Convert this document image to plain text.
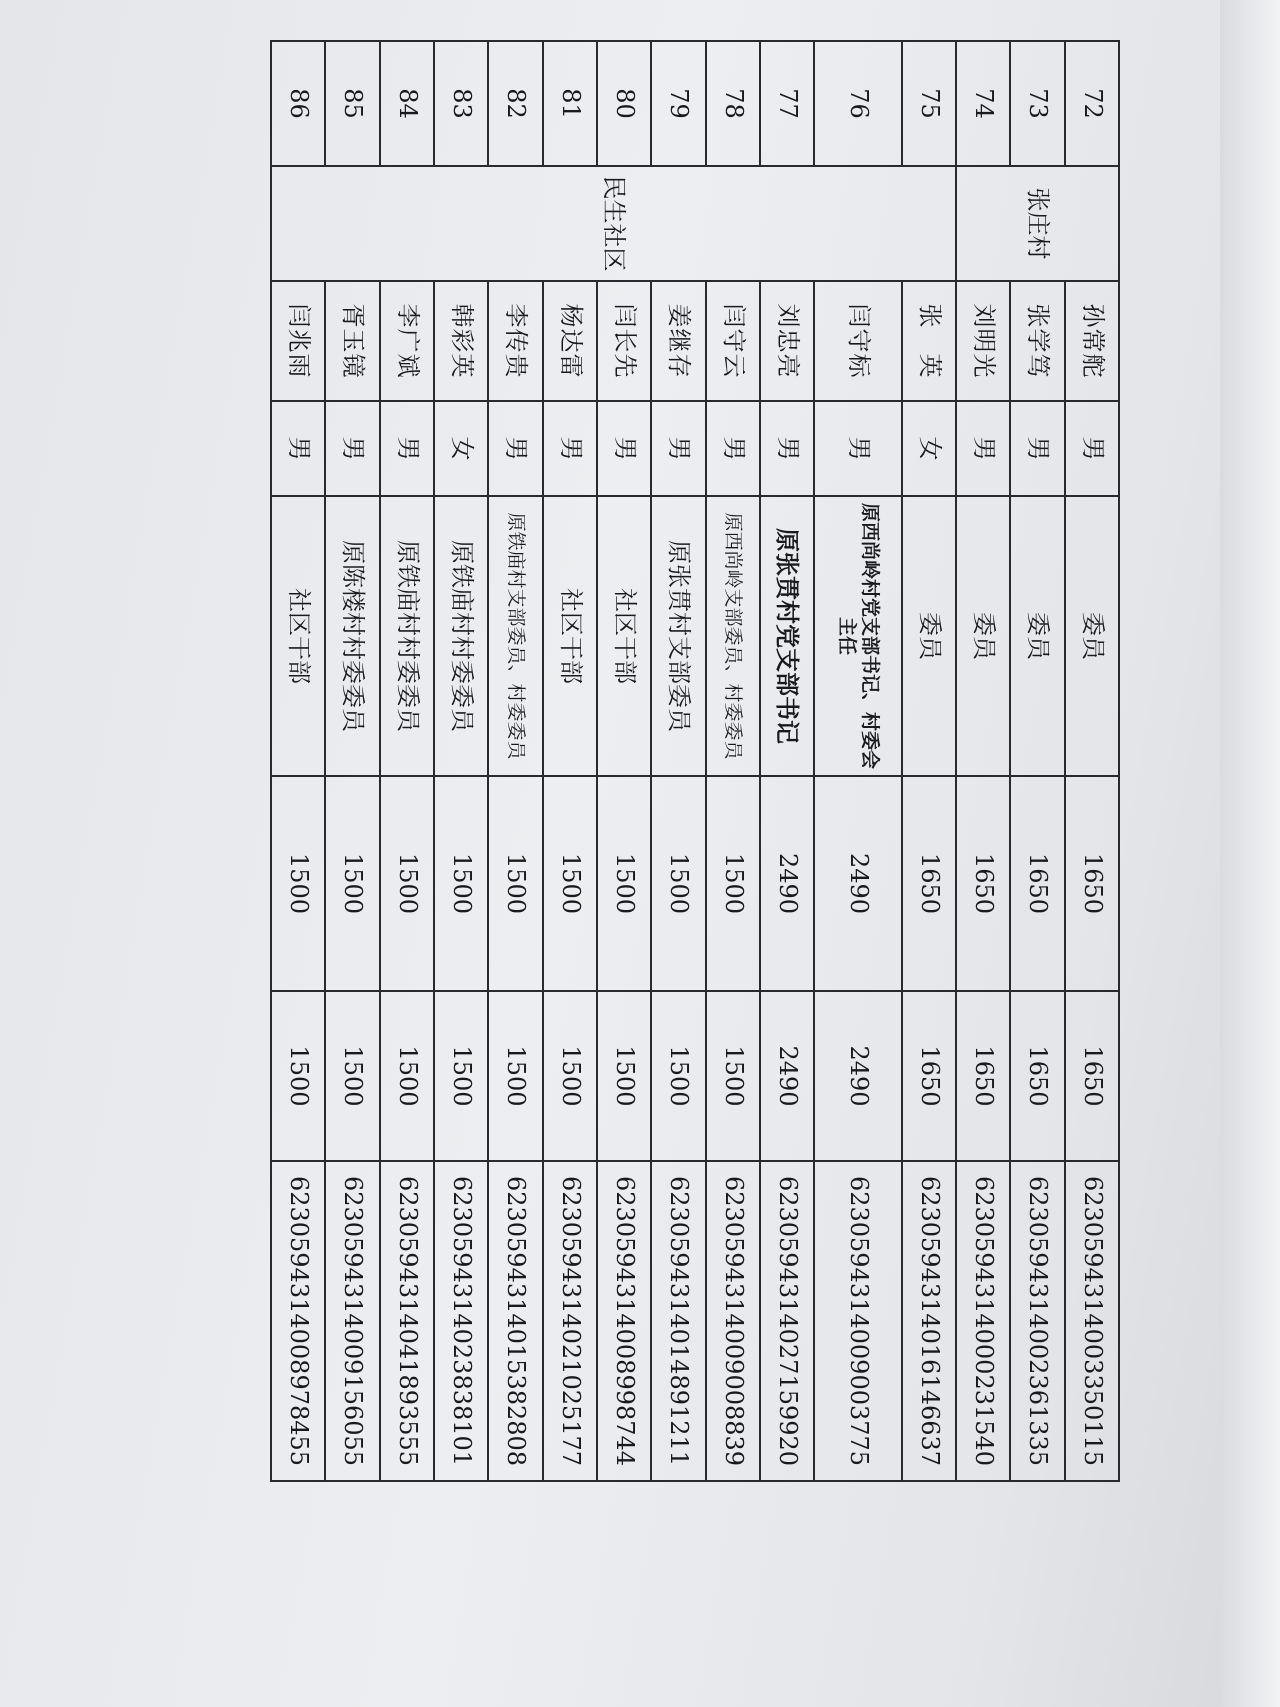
72	张庄村	孙常舵	男	委员	1650	1650	6230594314003350115
73		张学笃	男	委员	1650	1650	6230594314002361335
74		刘明光	男	委员	1650	1650	6230594314000231540
75	民生社区	张　英	女	委员	1650	1650	6230594314016146637
76		闫守标	男	原西尚岭村党支部书记、村委会主任	2490	2490	6230594314009003775
77		刘忠亮	男	原张贯村党支部书记	2490	2490	6230594314027159920
78		闫守云	男	原西尚岭支部委员、村委委员	1500	1500	6230594314009008839
79		姜继存	男	原张贯村支部委员	1500	1500	6230594314014891211
80		闫长先	男	社区干部	1500	1500	6230594314008998744
81		杨达雷	男	社区干部	1500	1500	6230594314021025177
82		李传贵	男	原铁庙村支部委员、村委委员	1500	1500	6230594314015382808
83		韩彩英	女	原铁庙村村委委员	1500	1500	6230594314023838101
84		李广斌	男	原铁庙村村委委员	1500	1500	6230594314041893555
85		胥玉镜	男	原陈楼村村委委员	1500	1500	6230594314009156055
86		闫兆雨	男	社区干部	1500	1500	6230594314008978455
